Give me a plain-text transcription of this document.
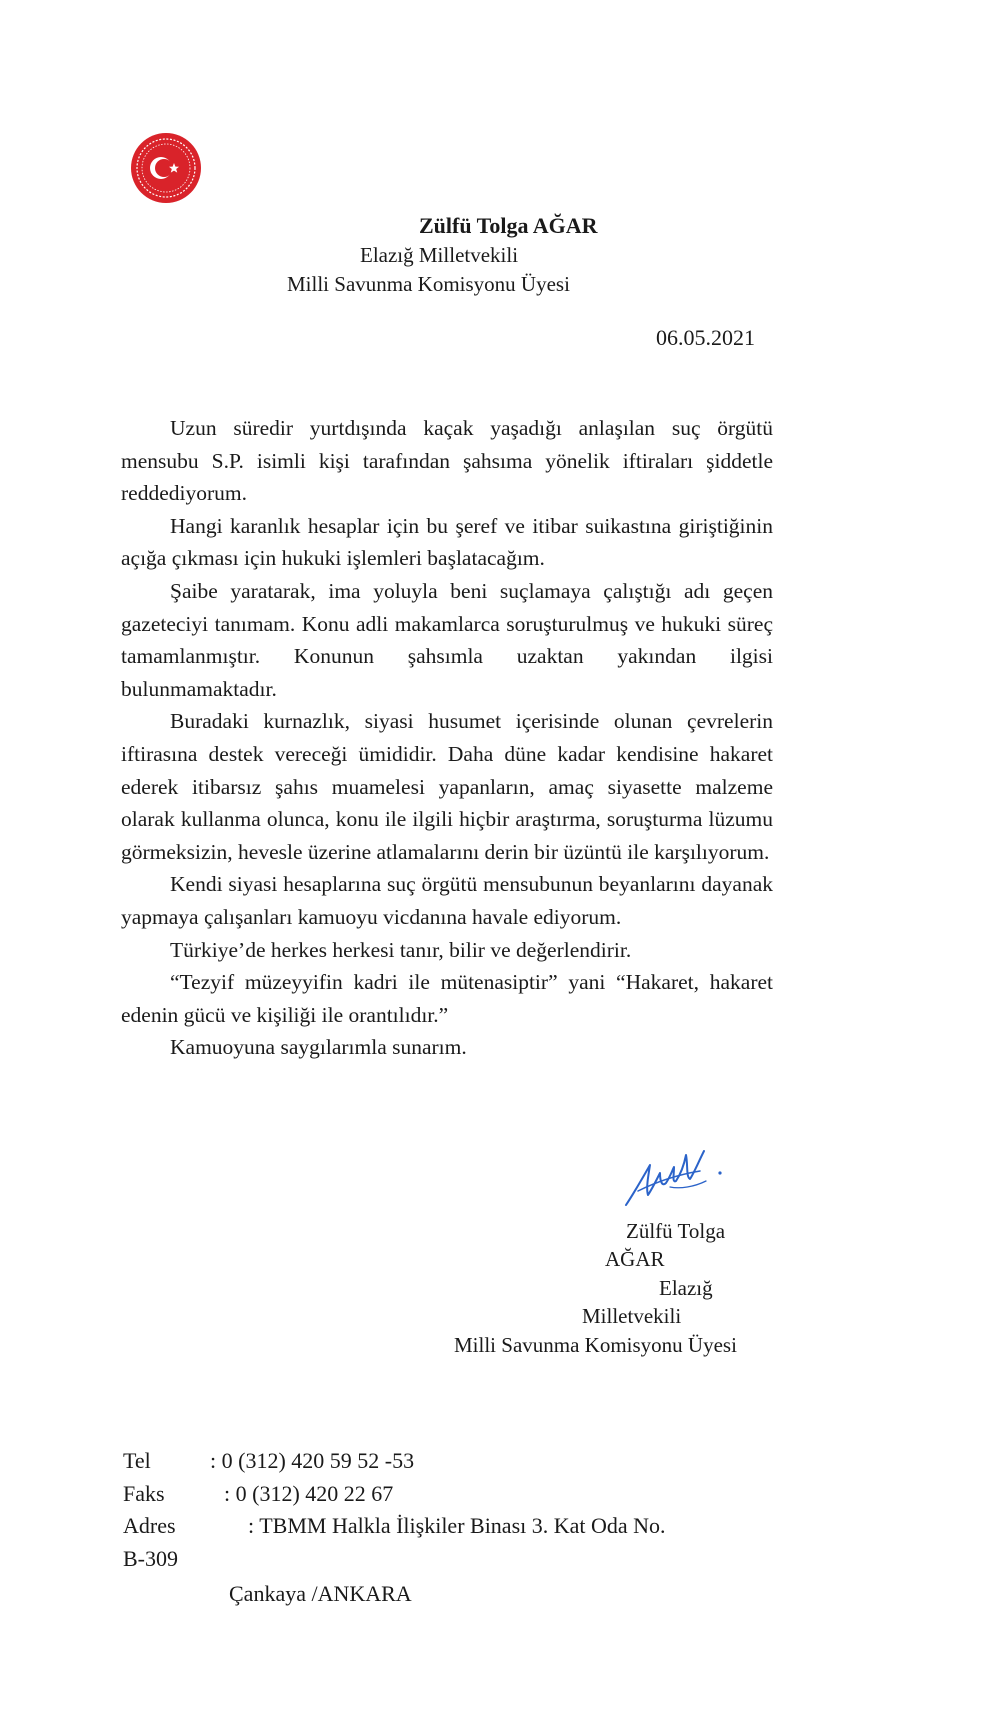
Zülfü Tolga AĞAR
Elazığ Milletvekili
Milli Savunma Komisyonu Üyesi
06.05.2021

Uzun süredir yurtdışında kaçak yaşadığı anlaşılan suç örgütü mensubu S.P. isimli kişi tarafından şahsıma yönelik iftiraları şiddetle reddediyorum.

Hangi karanlık hesaplar için bu şeref ve itibar suikastına giriştiğinin açığa çıkması için hukuki işlemleri başlatacağım.

Şaibe yaratarak, ima yoluyla beni suçlamaya çalıştığı adı geçen gazeteciyi tanımam. Konu adli makamlarca soruşturulmuş ve hukuki süreç tamamlanmıştır. Konunun şahsımla uzaktan yakından ilgisi bulunmamaktadır.

Buradaki kurnazlık, siyasi husumet içerisinde olunan çevrelerin iftirasına destek vereceği ümididir. Daha düne kadar kendisine hakaret ederek itibarsız şahıs muamelesi yapanların, amaç siyasette malzeme olarak kullanma olunca, konu ile ilgili hiçbir araştırma, soruşturma lüzumu görmeksizin, hevesle üzerine atlamalarını derin bir üzüntü ile karşılıyorum.

Kendi siyasi hesaplarına suç örgütü mensubunun beyanlarını dayanak yapmaya çalışanları kamuoyu vicdanına havale ediyorum.

Türkiye’de herkes herkesi tanır, bilir ve değerlendirir.

“Tezyif müzeyyifin kadri ile mütenasiptir” yani “Hakaret, hakaret edenin gücü ve kişiliği ile orantılıdır.”

Kamuoyuna saygılarımla sunarım.

Zülfü Tolga
AĞAR
Elazığ
Milletvekili
Milli Savunma Komisyonu Üyesi
Tel	: 0 (312) 420 59 52 -53
Faks	: 0 (312) 420 22 67
Adres	: TBMM Halkla İlişkiler Binası 3. Kat Oda No.
B-309
Çankaya /ANKARA
